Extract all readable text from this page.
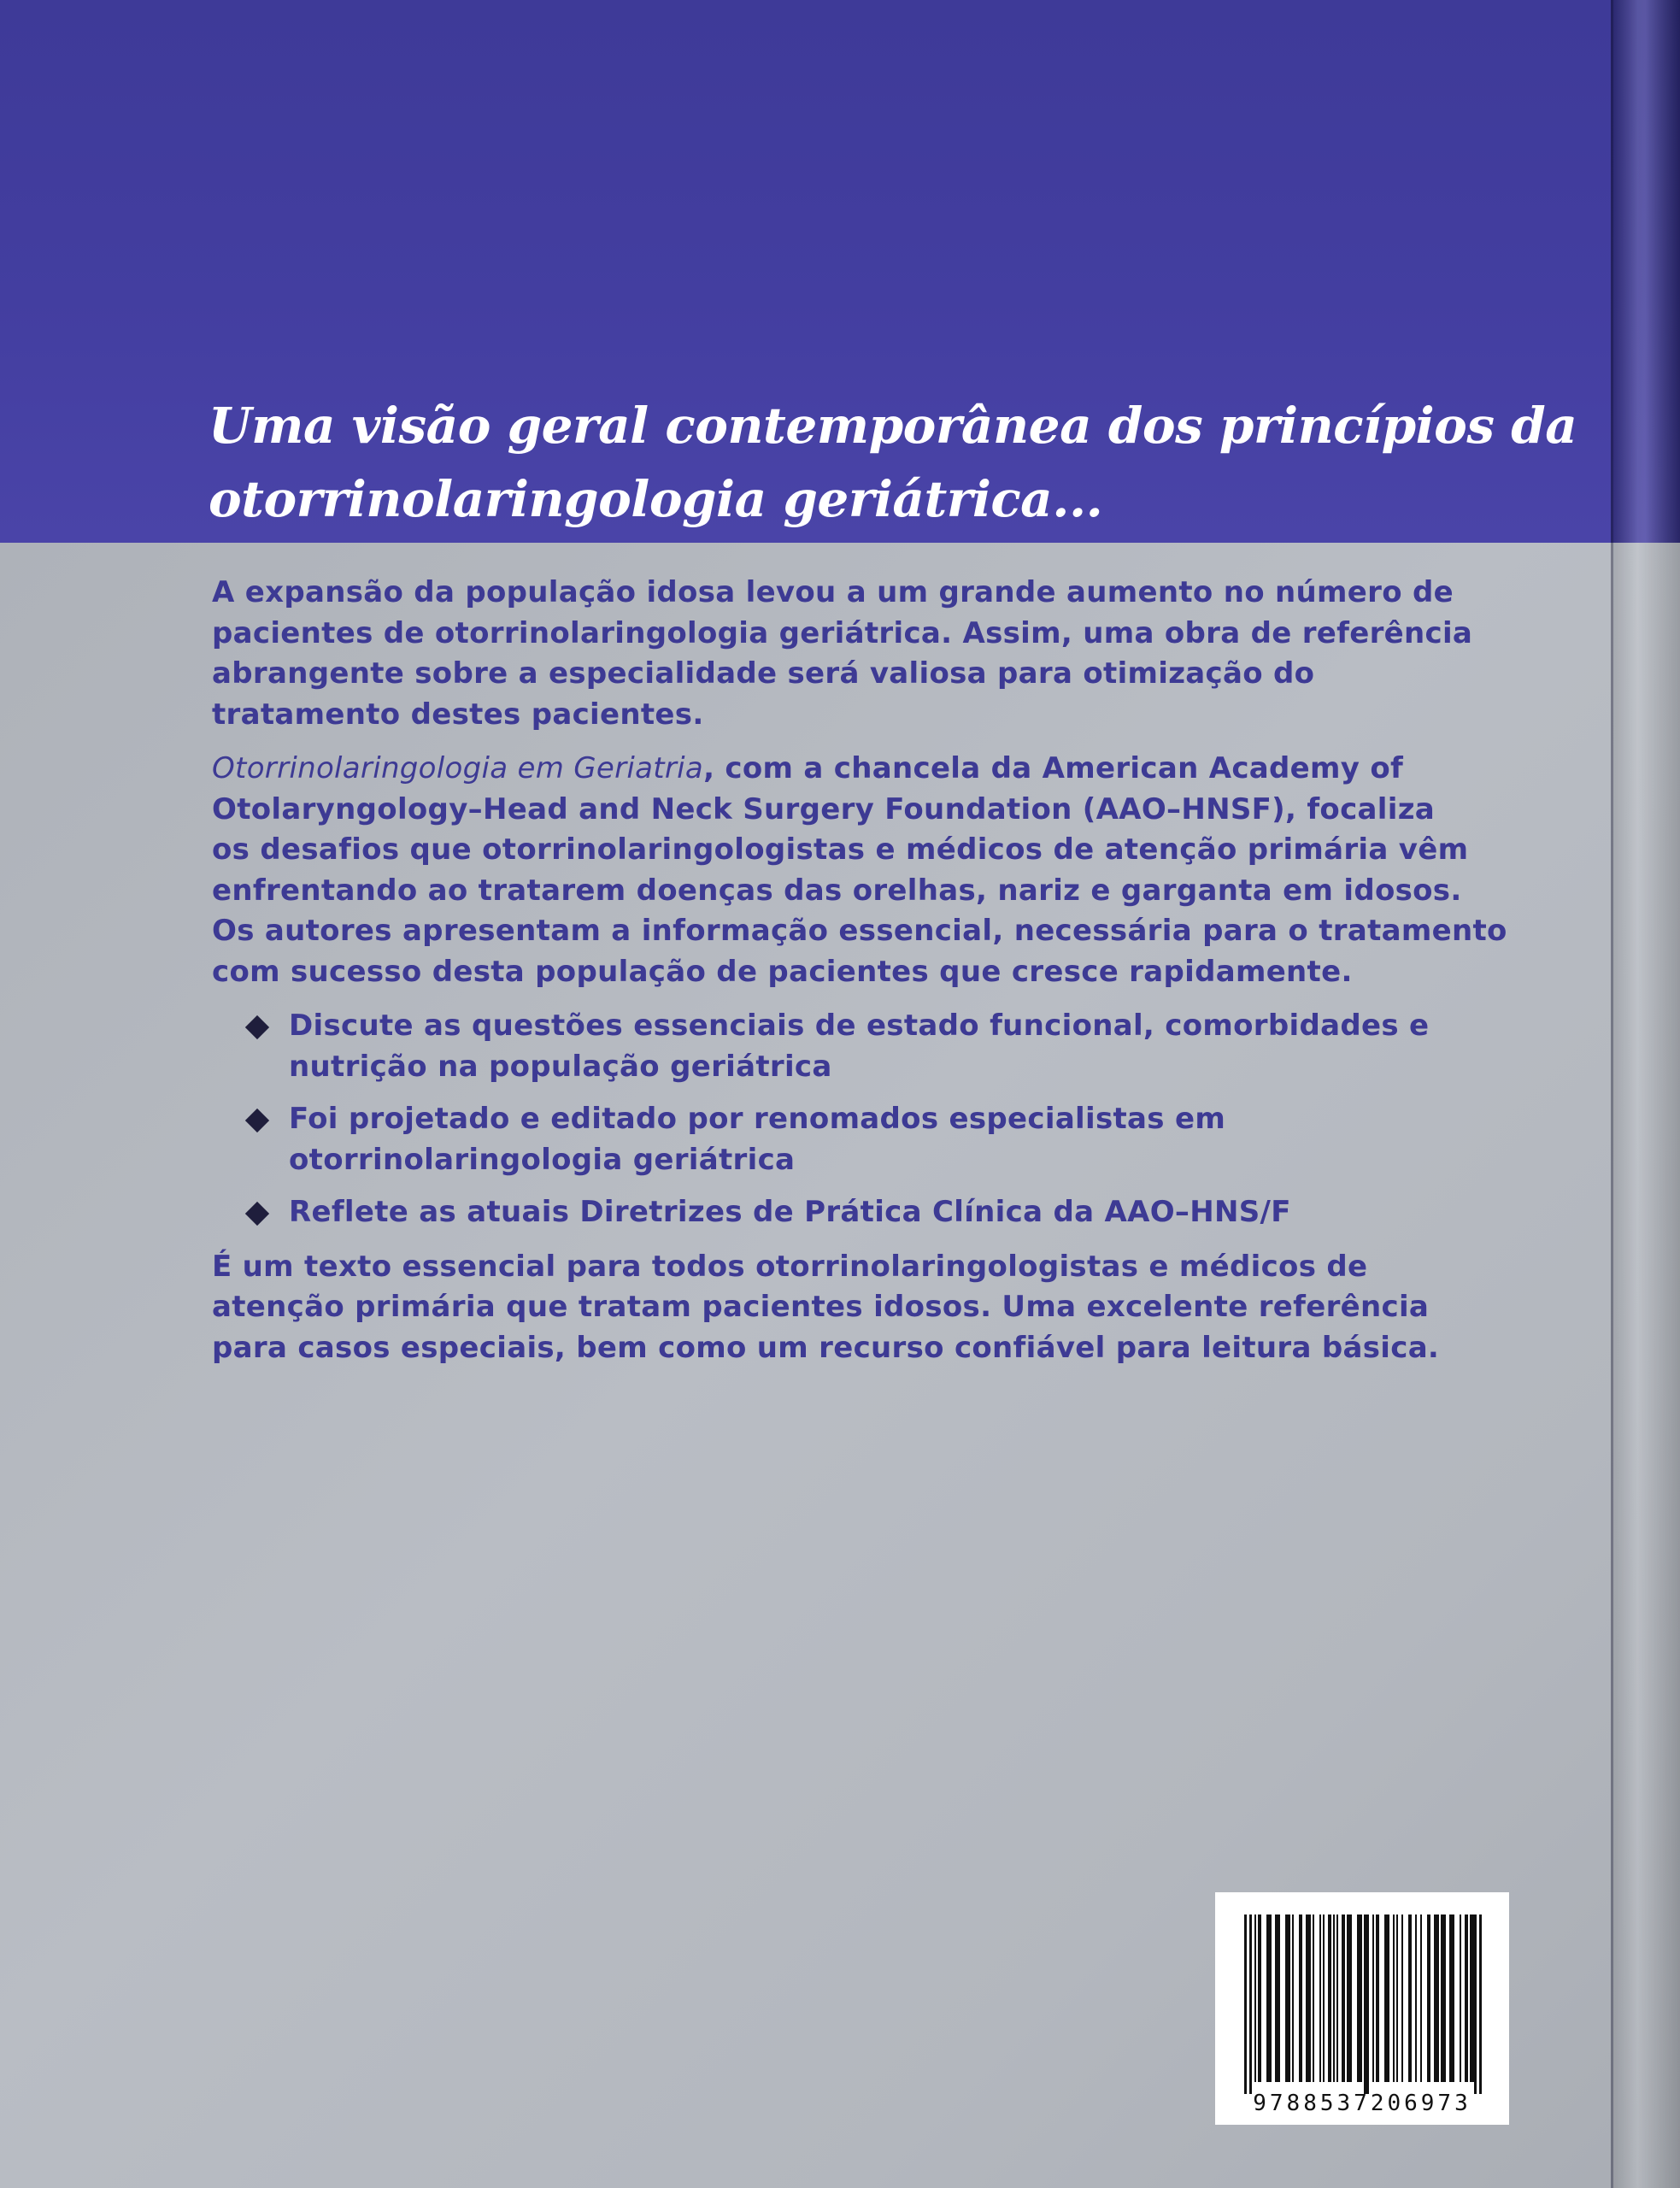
Uma visão geral contemporânea dos princípios da
otorrinolaringologia geriátrica...

A expansão da população idosa levou a um grande aumento no número de
pacientes de otorrinolaringologia geriátrica. Assim, uma obra de referência
abrangente sobre a especialidade será valiosa para otimização do
tratamento destes pacientes.

Otorrinolaringologia em Geriatria, com a chancela da American Academy of
Otolaryngology–Head and Neck Surgery Foundation (AAO–HNSF), focaliza
os desafios que otorrinolaringologistas e médicos de atenção primária vêm
enfrentando ao tratarem doenças das orelhas, nariz e garganta em idosos.
Os autores apresentam a informação essencial, necessária para o tratamento
com sucesso desta população de pacientes que cresce rapidamente.

Discute as questões essenciais de estado funcional, comorbidades e
nutrição na população geriátrica
Foi projetado e editado por renomados especialistas em
otorrinolaringologia geriátrica
Reflete as atuais Diretrizes de Prática Clínica da AAO–HNS/F

É um texto essencial para todos otorrinolaringologistas e médicos de
atenção primária que tratam pacientes idosos. Uma excelente referência
para casos especiais, bem como um recurso confiável para leitura básica.

9788537206973
